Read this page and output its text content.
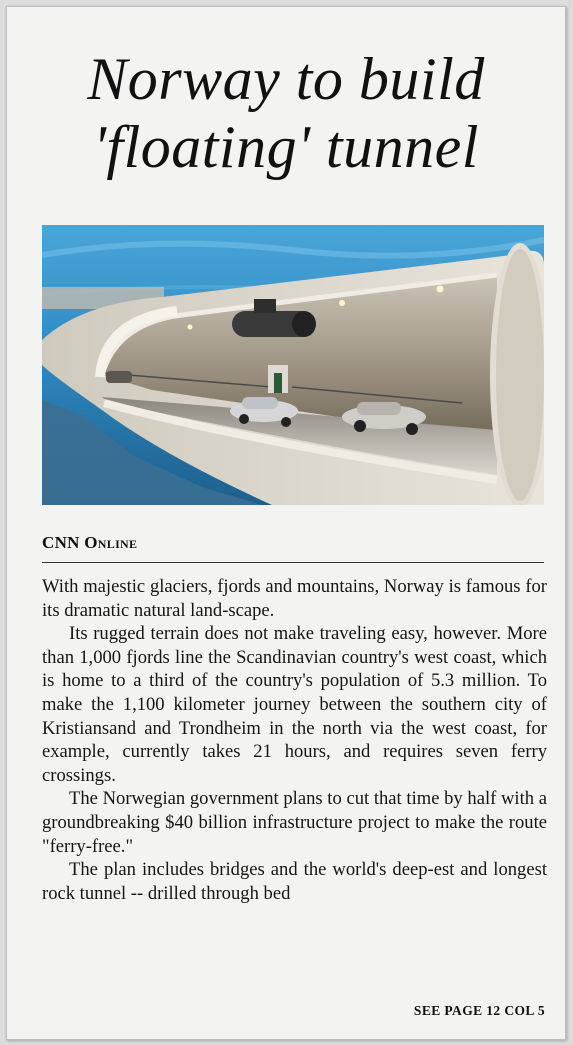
Norway to build 'floating' tunnel

CNN Online

With majestic glaciers, fjords and mountains, Norway is famous for its dramatic natural land-scape.

Its rugged terrain does not make traveling easy, however. More than 1,000 fjords line the Scandinavian country's west coast, which is home to a third of the country's population of 5.3 million. To make the 1,100 kilometer journey between the southern city of Kristiansand and Trondheim in the north via the west coast, for example, currently takes 21 hours, and requires seven ferry crossings.

The Norwegian government plans to cut that time by half with a groundbreaking $40 billion infrastructure project to make the route "ferry-free."

The plan includes bridges and the world's deep-est and longest rock tunnel -- drilled through bed

SEE PAGE 12 COL 5
